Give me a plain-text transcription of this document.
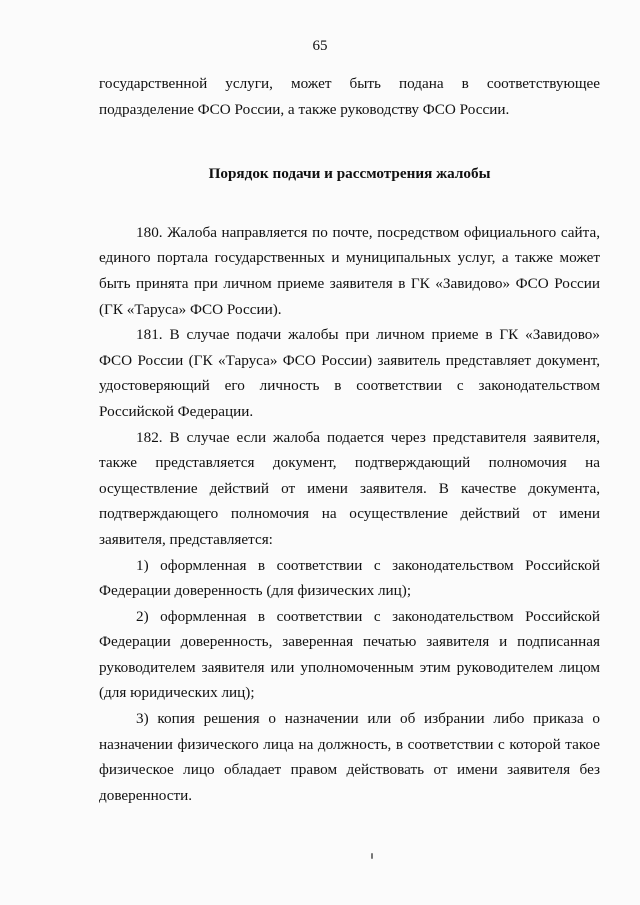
65

государственной услуги, может быть подана в соответствующее подразделение ФСО России, а также руководству ФСО России.

Порядок подачи и рассмотрения жалобы

180. Жалоба направляется по почте, посредством официального сайта, единого портала государственных и муниципальных услуг, а также может быть принята при личном приеме заявителя в ГК «Завидово» ФСО России (ГК «Таруса» ФСО России).

181. В случае подачи жалобы при личном приеме в ГК «Завидово» ФСО России (ГК «Таруса» ФСО России) заявитель представляет документ, удостоверяющий его личность в соответствии с законодательством Российской Федерации.

182. В случае если жалоба подается через представителя заявителя, также представляется документ, подтверждающий полномочия на осуществление действий от имени заявителя. В качестве документа, подтверждающего полномочия на осуществление действий от имени заявителя, представляется:

1) оформленная в соответствии с законодательством Российской Федерации доверенность (для физических лиц);

2) оформленная в соответствии с законодательством Российской Федерации доверенность, заверенная печатью заявителя и подписанная руководителем заявителя или уполномоченным этим руководителем лицом (для юридических лиц);

3) копия решения о назначении или об избрании либо приказа о назначении физического лица на должность, в соответствии с которой такое физическое лицо обладает правом действовать от имени заявителя без доверенности.
